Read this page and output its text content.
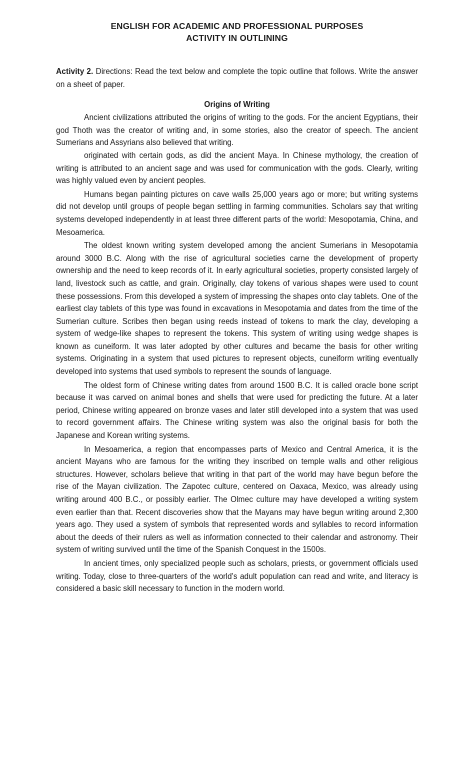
ENGLISH FOR ACADEMIC AND PROFESSIONAL PURPOSES
ACTIVITY IN OUTLINING
Activity 2. Directions: Read the text below and complete the topic outline that follows. Write the answer on a sheet of paper.
Origins of Writing

Ancient civilizations attributed the origins of writing to the gods. For the ancient Egyptians, their god Thoth was the creator of writing and, in some stories, also the creator of speech. The ancient Sumerians and Assyrians also believed that writing.

originated with certain gods, as did the ancient Maya. In Chinese mythology, the creation of writing is attributed to an ancient sage and was used for communication with the gods. Clearly, writing was highly valued even by ancient peoples.

Humans began painting pictures on cave walls 25,000 years ago or more; but writing systems did not develop until groups of people began settling in farming communities. Scholars say that writing systems developed independently in at least three different parts of the world: Mesopotamia, China, and Mesoamerica.

The oldest known writing system developed among the ancient Sumerians in Mesopotamia around 3000 B.C. Along with the rise of agricultural societies carne the development of property ownership and the need to keep records of it. In early agricultural societies, property consisted largely of land, livestock such as cattle, and grain. Originally, clay tokens of various shapes were used to count these possessions. From this developed a system of impressing the shapes onto clay tablets. One of the earliest clay tablets of this type was found in excavations in Mesopotamia and dates from the time of the Sumerian culture. Scribes then began using reeds instead of tokens to mark the clay, developing a system of wedge-like shapes to represent the tokens. This system of writing using wedge shapes is known as cuneiform. It was later adopted by other cultures and became the basis for other writing systems. Originating in a system that used pictures to represent objects, cuneiform writing eventually developed into systems that used symbols to represent the sounds of language.

The oldest form of Chinese writing dates from around 1500 B.C. It is called oracle bone script because it was carved on animal bones and shells that were used for predicting the future. At a later period, Chinese writing appeared on bronze vases and later still developed into a system that was used to record government affairs. The Chinese writing system was also the original basis for both the Japanese and Korean writing systems.

In Mesoamerica, a region that encompasses parts of Mexico and Central America, it is the ancient Mayans who are famous for the writing they inscribed on temple walls and other religious structures. However, scholars believe that writing in that part of the world may have begun before the rise of the Mayan civilization. The Zapotec culture, centered on Oaxaca, Mexico, was already using writing around 400 B.C., or possibly earlier. The Olmec culture may have developed a writing system even earlier than that. Recent discoveries show that the Mayans may have begun writing around 2,300 years ago. They used a system of symbols that represented words and syllables to record information about the deeds of their rulers as well as information connected to their calendar and astronomy. Their system of writing survived until the time of the Spanish Conquest in the 1500s.

In ancient times, only specialized people such as scholars, priests, or government officials used writing. Today, close to three-quarters of the world's adult population can read and write, and literacy is considered a basic skill necessary to function in the modern world.
